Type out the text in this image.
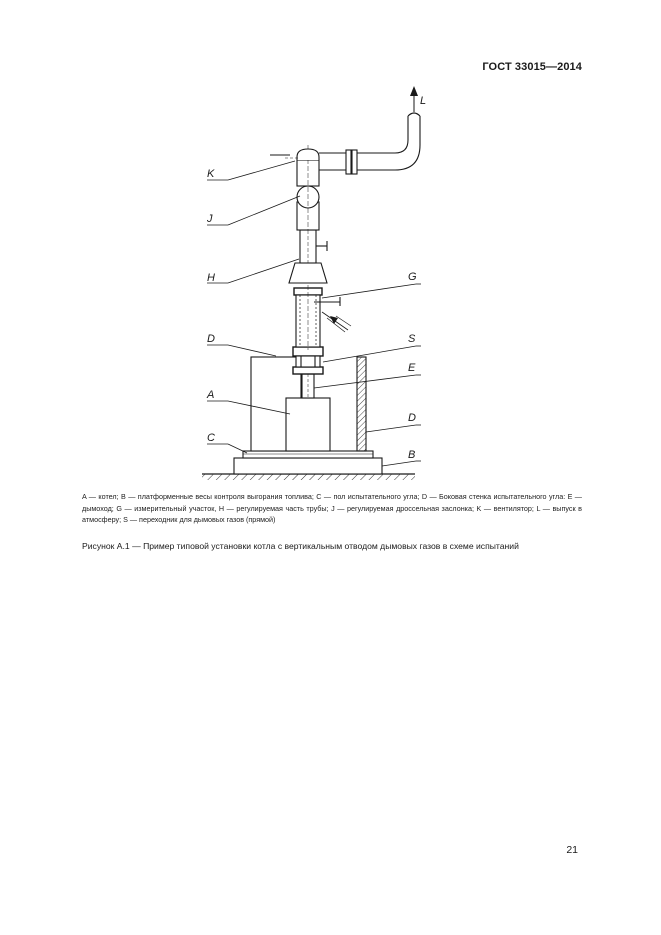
ГОСТ 33015—2014
L
K
J
H	G
D	S
E
A
D
C
B

A — котел; B — платформенные весы контроля выгорания топлива; C — пол испытательного угла; D — Боковая стенка испытательного угла: E — дымоход; G — измерительный участок, H — регулируемая часть трубы; J — регулируемая дроссельная заслонка; K — вентилятор; L — выпуск в атмосферу; S — переходник для дымовых газов (прямой)

Рисунок А.1 — Пример типовой установки котла с вертикальным отводом дымовых газов в схеме испытаний
21
